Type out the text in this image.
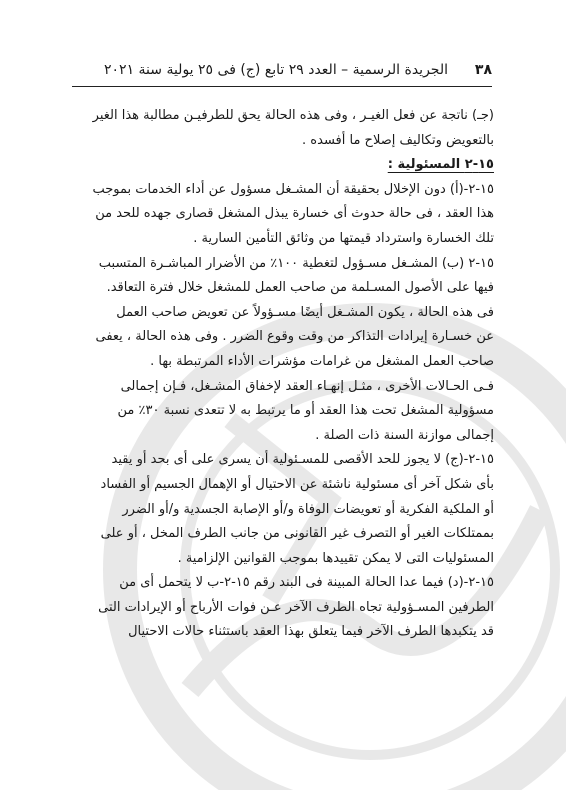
٣٨
الجريدة الرسمية – العدد ٢٩ تابع (ج) فى ٢٥ يولية سنة ٢٠٢١
(جـ) ناتجة عن فعل الغيـر ، وفى هذه الحالة يحق للطرفيـن مطالبة هذا الغير
بالتعويض وتكاليف إصلاح ما أفسده .
١٥-٢ المسئولية :
١٥-٢-(أ) دون الإخلال بحقيقة أن المشـغل مسؤول عن أداء الخدمات بموجب
هذا العقد ، فى حالة حدوث أى خسارة يبذل المشغل قصارى جهده للحد من
تلك الخسارة واسترداد قيمتها من وثائق التأمين السارية .
١٥-٢ (ب) المشـغل مسـؤول لتغطية ١٠٠٪ من الأضرار المباشـرة المتسبب
فيها على الأصول المسـلمة من صاحب العمل للمشغل خلال فترة التعاقد.
فى هذه الحالة ، يكون المشـغل أيضًا مسـؤولاً عن تعويض صاحب العمل
عن خسـارة إيرادات التذاكر من وقت وقوع الضرر . وفى هذه الحالة ، يعفى
صاحب العمل المشغل من غرامات مؤشرات الأداء المرتبطة بها .
فـى الحـالات الأخرى ، مثـل إنهـاء العقد لإخفاق المشـغل، فـإن إجمالى
مسؤولية المشغل تحت هذا العقد أو ما يرتبط به لا تتعدى نسبة ٣٠٪ من
إجمالى موازنة السنة ذات الصلة .
١٥-٢-(ج) لا يجوز للحد الأقصى للمسـئولية أن يسرى على أى بحد أو يقيد
بأى شكل آخر أى مسئولية ناشئة عن الاحتيال أو الإهمال الجسيم أو الفساد
أو الملكية الفكرية أو تعويضات الوفاة و/أو الإصابة الجسدية و/أو الضرر
بممتلكات الغير أو التصرف غير القانونى من جانب الطرف المخل ، أو على
المسئوليات التى لا يمكن تقييدها بموجب القوانين الإلزامية .
١٥-٢-(د) فيما عدا الحالة المبينة فى البند رقم ١٥-٢-ب لا يتحمل أى من
الطرفين المسـؤولية تجاه الطرف الآخر عـن فوات الأرباح أو الإيرادات التى
قد يتكبدها الطرف الآخر فيما يتعلق بهذا العقد باستثناء حالات الاحتيال
